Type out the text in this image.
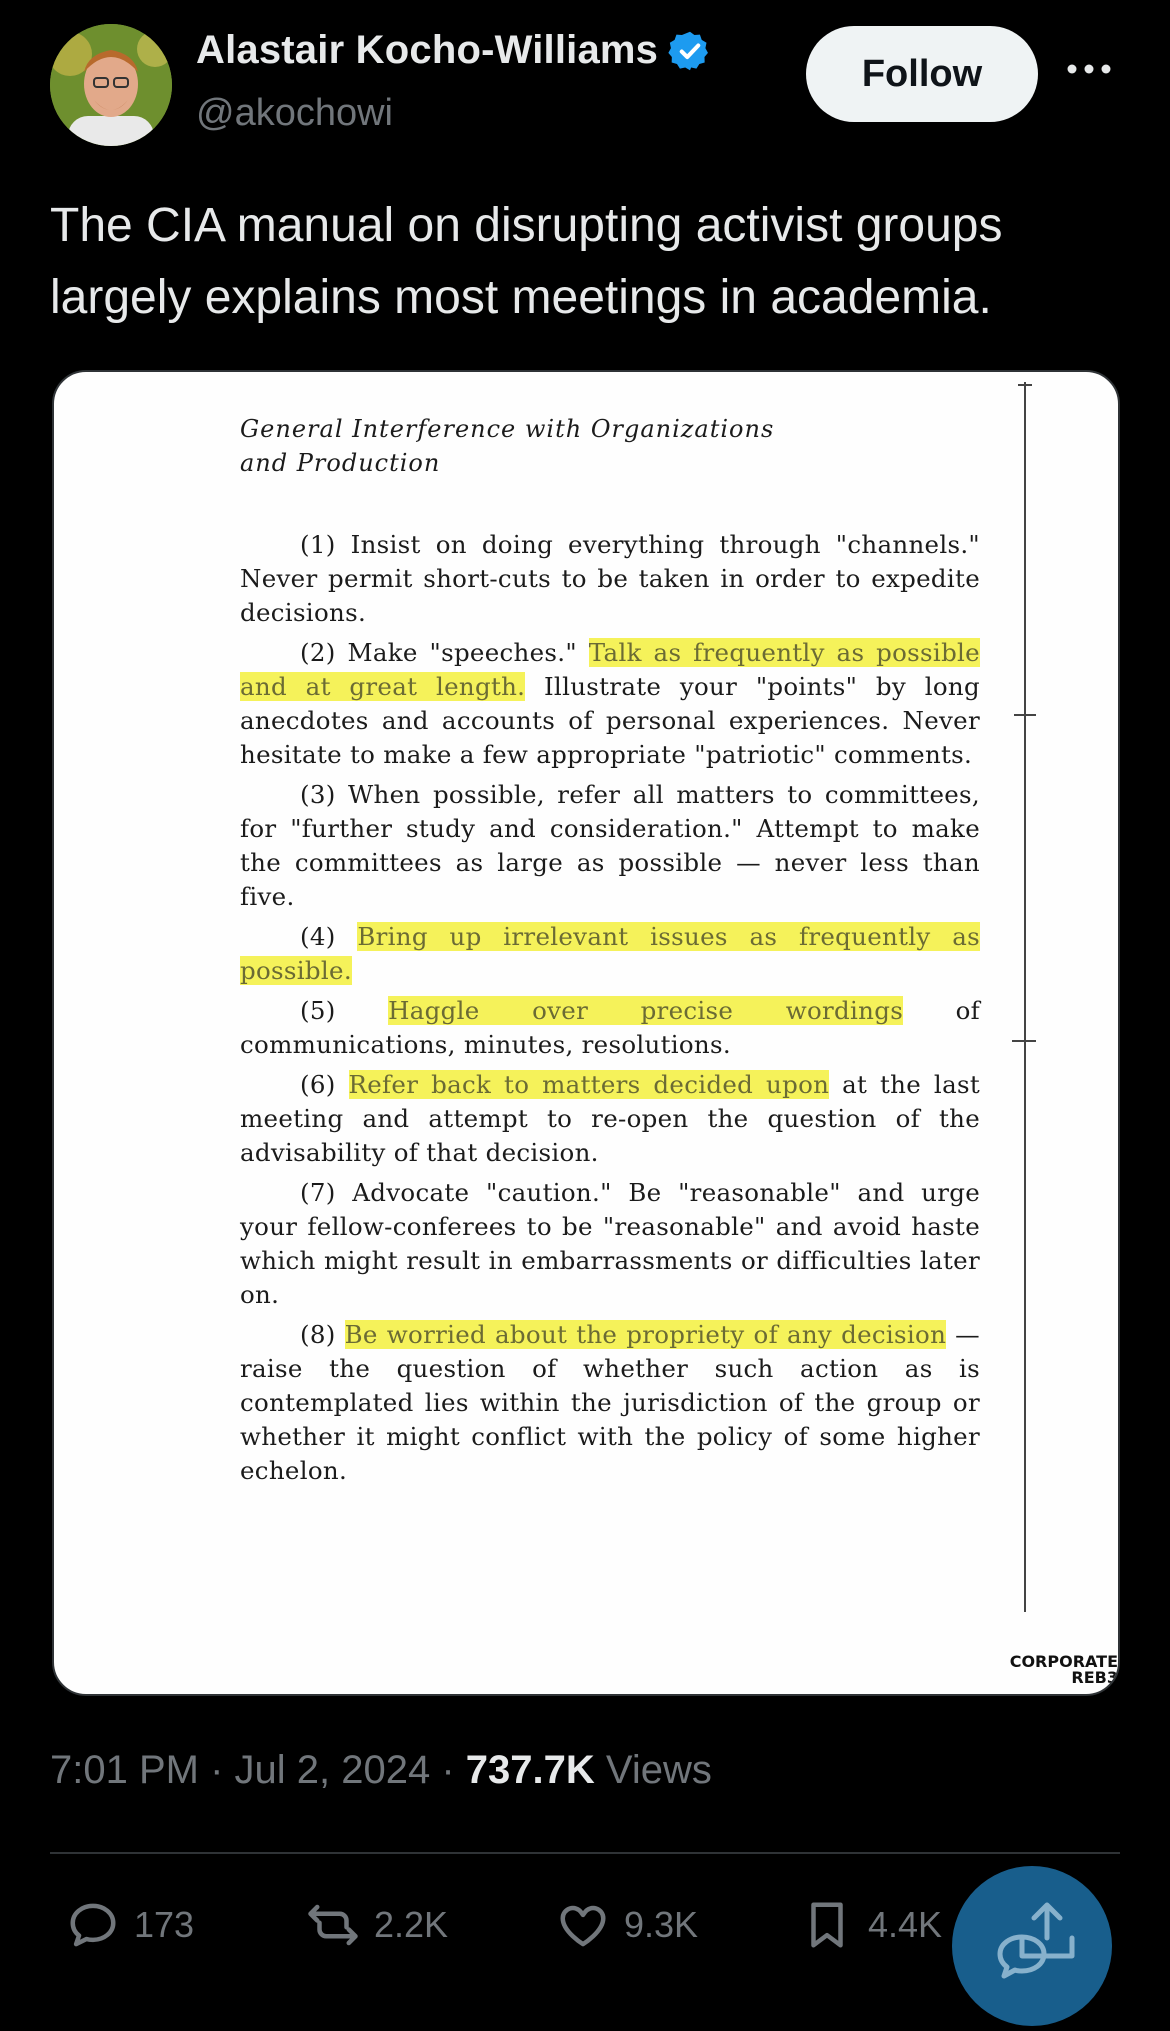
Alastair Kocho-Williams
@akochowi
Follow
The CIA manual on disrupting activist groups largely explains most meetings in academia.
General Interference with Organizations
and Production
(1) Insist on doing everything through "channels." Never permit short-cuts to be taken in order to expedite decisions.
(2) Make "speeches." Talk as frequently as possible and at great length. Illustrate your "points" by long anecdotes and accounts of personal experiences. Never hesitate to make a few appropriate "patriotic" comments.
(3) When possible, refer all matters to committees, for "further study and consideration." Attempt to make the committees as large as possible — never less than five.
(4) Bring up irrelevant issues as frequently as possible.
(5) Haggle over precise wordings of communications, minutes, resolutions.
(6) Refer back to matters decided upon at the last meeting and attempt to re-open the question of the advisability of that decision.
(7) Advocate "caution." Be "reasonable" and urge your fellow-conferees to be "reasonable" and avoid haste which might result in embarrassments or difficulties later on.
(8) Be worried about the propriety of any decision — raise the question of whether such action as is contemplated lies within the jurisdiction of the group or whether it might conflict with the policy of some higher echelon.
CORPORATE
REB3
7:01 PM · Jul 2, 2024 · 737.7K Views
173	2.2K	9.3K	4.4K
